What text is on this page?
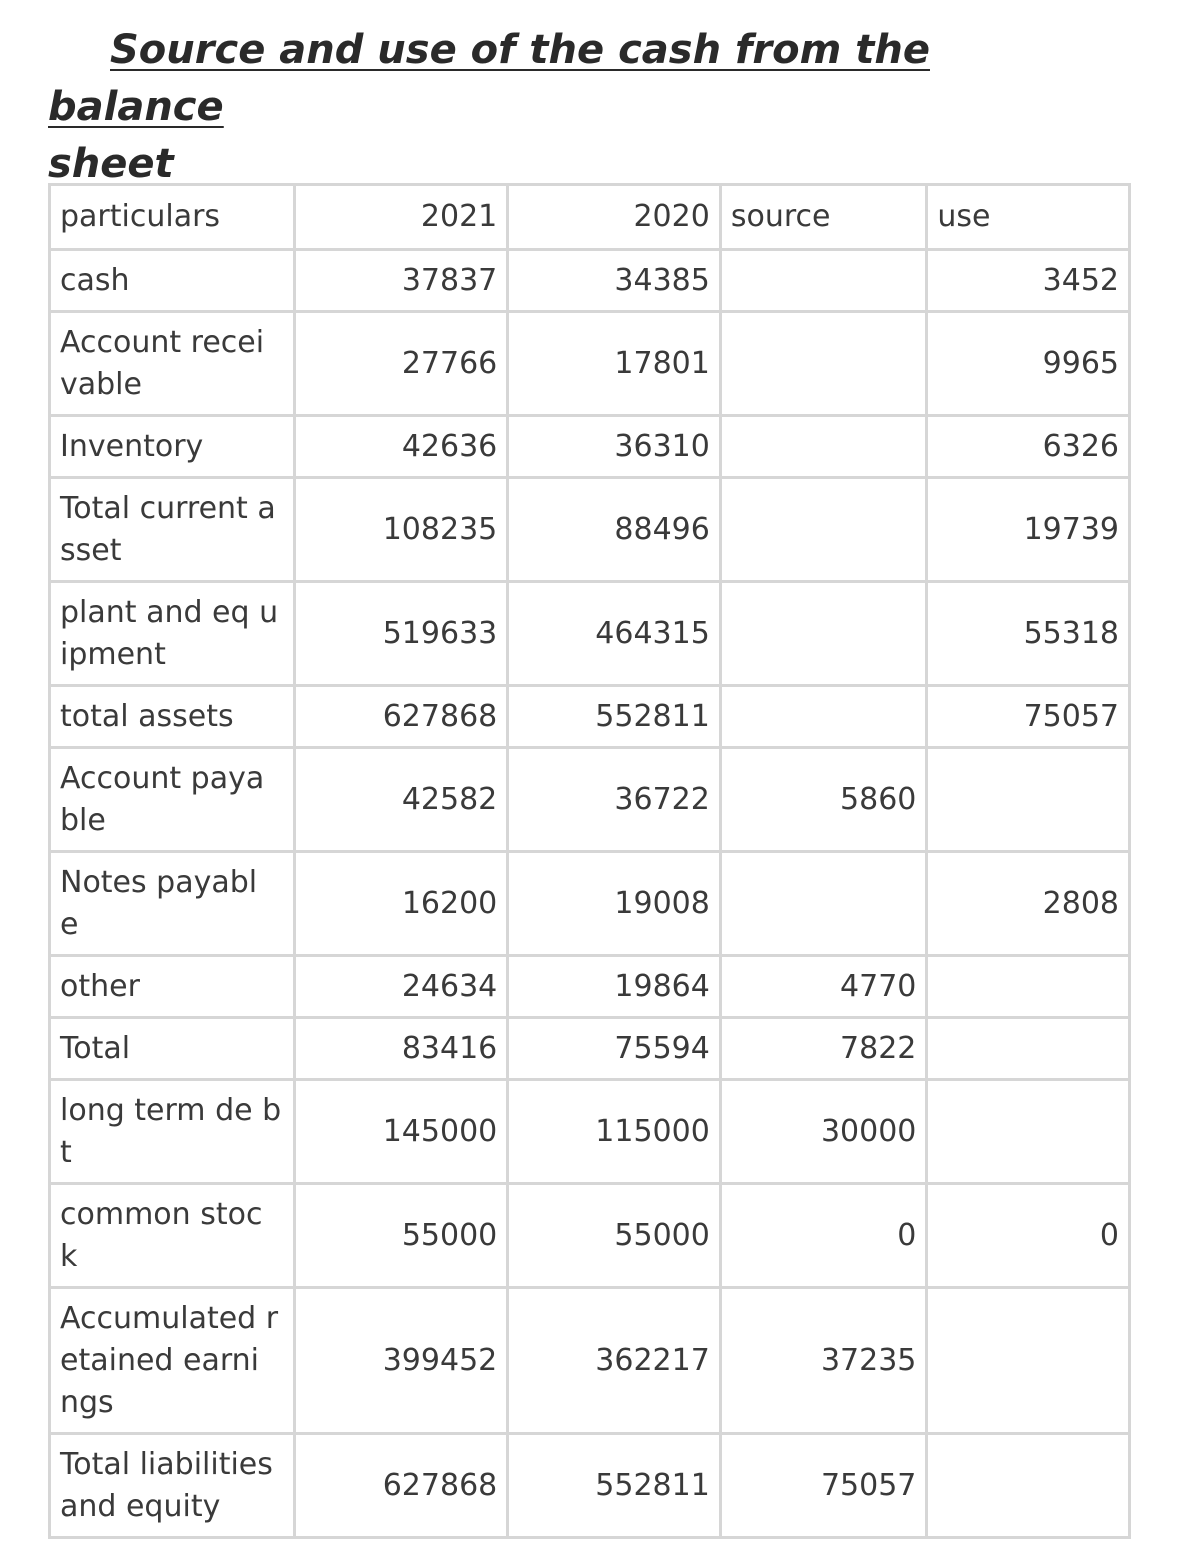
Source and use of the cash from the balance
sheet
particulars	2021	2020	source	use
cash	37837	34385		3452
Account recei vable	27766	17801		9965
Inventory	42636	36310		6326
Total current asset	108235	88496		19739
plant and eq uipment	519633	464315		55318
total assets	627868	552811		75057
Account paya ble	42582	36722	5860	
Notes payabl e	16200	19008		2808
other	24634	19864	4770	
Total	83416	75594	7822	
long term de bt	145000	115000	30000	
common stoc k	55000	55000	0	0
Accumulated retained earni ngs	399452	362217	37235	
Total liabilities and equity	627868	552811	75057	
